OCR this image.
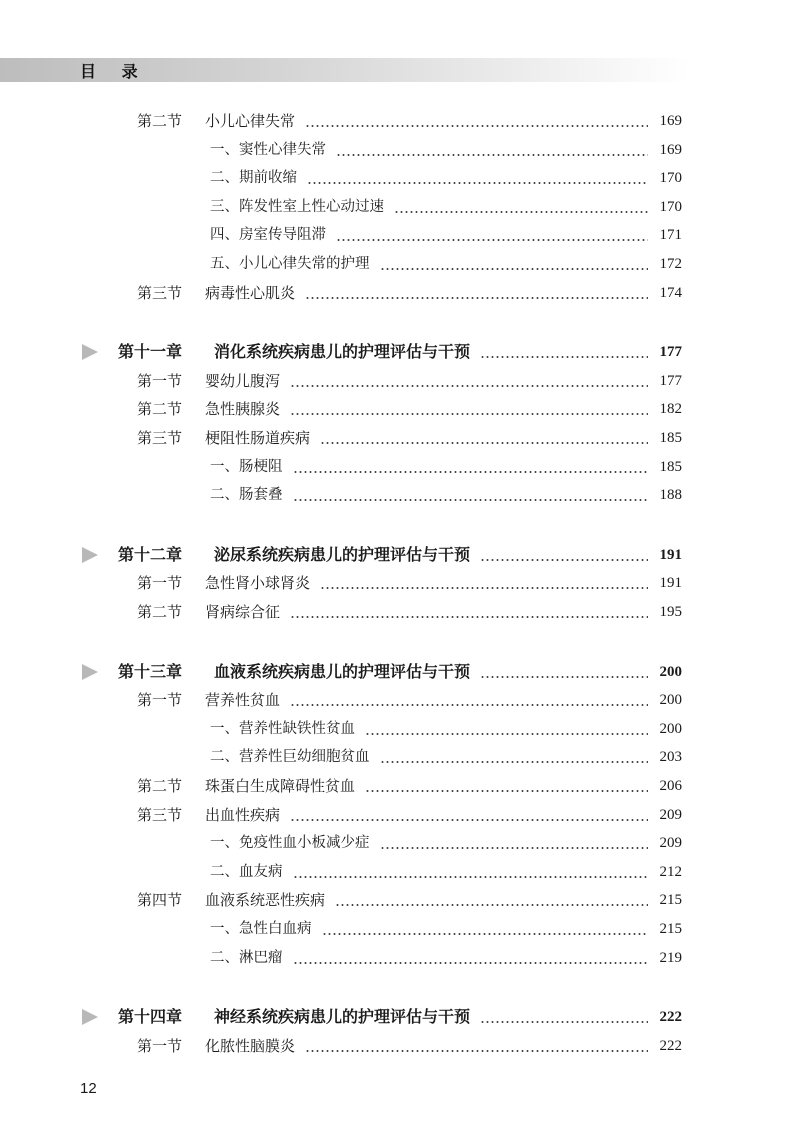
目 录
第二节	小儿心律失常	169
一、窦性心律失常	169
二、期前收缩	170
三、阵发性室上性心动过速	170
四、房室传导阻滞	171
五、小儿心律失常的护理	172
第三节	病毒性心肌炎	174
第十一章	消化系统疾病患儿的护理评估与干预	177
第一节	婴幼儿腹泻	177
第二节	急性胰腺炎	182
第三节	梗阻性肠道疾病	185
一、肠梗阻	185
二、肠套叠	188
第十二章	泌尿系统疾病患儿的护理评估与干预	191
第一节	急性肾小球肾炎	191
第二节	肾病综合征	195
第十三章	血液系统疾病患儿的护理评估与干预	200
第一节	营养性贫血	200
一、营养性缺铁性贫血	200
二、营养性巨幼细胞贫血	203
第二节	珠蛋白生成障碍性贫血	206
第三节	出血性疾病	209
一、免疫性血小板减少症	209
二、血友病	212
第四节	血液系统恶性疾病	215
一、急性白血病	215
二、淋巴瘤	219
第十四章	神经系统疾病患儿的护理评估与干预	222
第一节	化脓性脑膜炎	222
12
